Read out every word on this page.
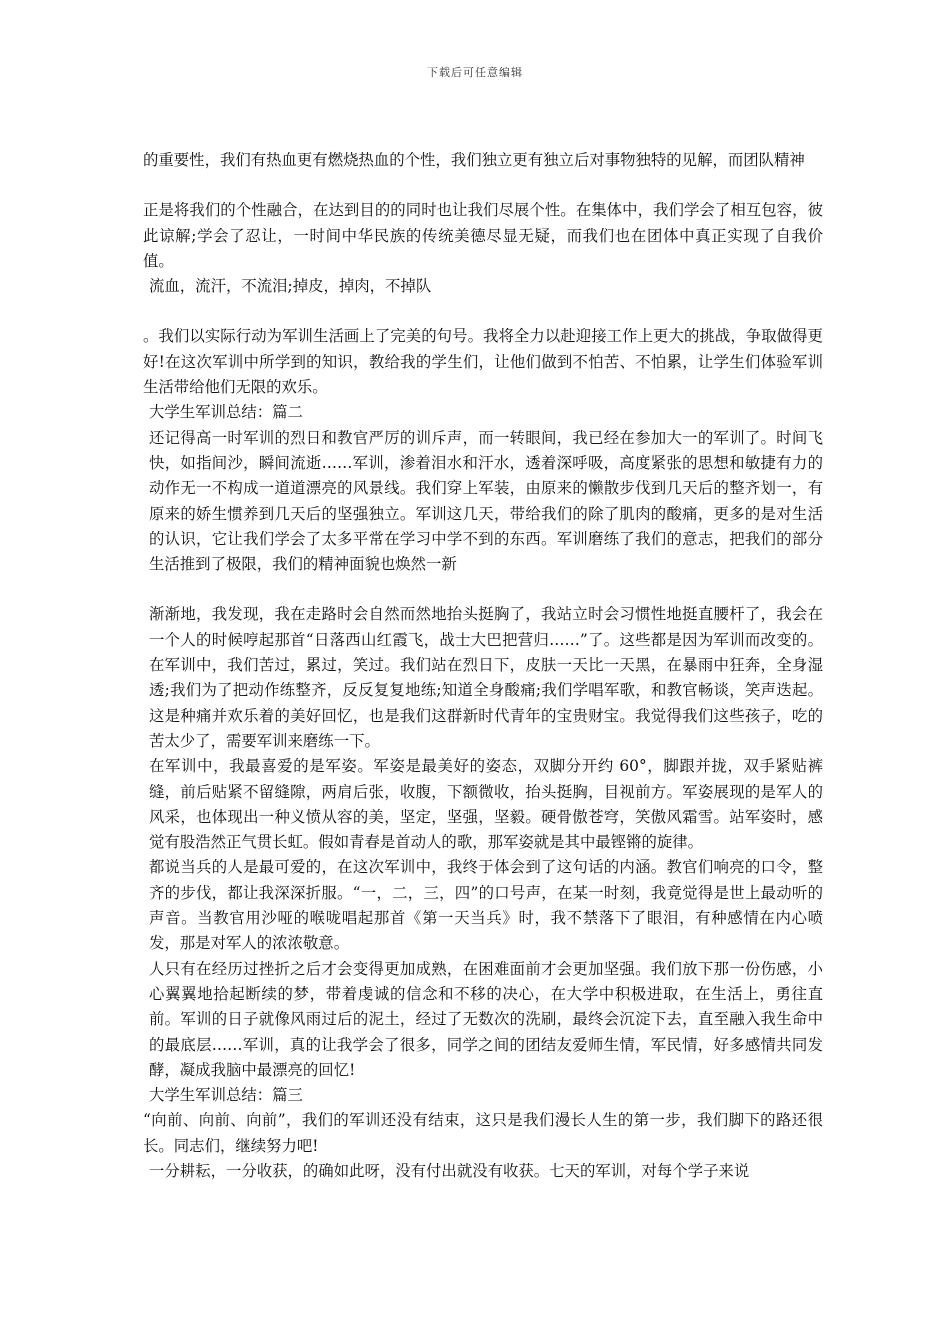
下载后可任意编辑

的重要性，我们有热血更有燃烧热血的个性，我们独立更有独立后对事物独特的见解，而团队精神

正是将我们的个性融合，在达到目的的同时也让我们尽展个性。在集体中，我们学会了相互包容，彼此谅解;学会了忍让，一时间中华民族的传统美德尽显无疑，而我们也在团体中真正实现了自我价值。

流血，流汗，不流泪;掉皮，掉肉，不掉队

。我们以实际行动为军训生活画上了完美的句号。我将全力以赴迎接工作上更大的挑战，争取做得更好!在这次军训中所学到的知识，教给我的学生们，让他们做到不怕苦、不怕累，让学生们体验军训生活带给他们无限的欢乐。

大学生军训总结：篇二

还记得高一时军训的烈日和教官严厉的训斥声，而一转眼间，我已经在参加大一的军训了。时间飞快，如指间沙，瞬间流逝……军训，渗着泪水和汗水，透着深呼吸，高度紧张的思想和敏捷有力的动作无一不构成一道道漂亮的风景线。我们穿上军装，由原来的懒散步伐到几天后的整齐划一，有原来的娇生惯养到几天后的坚强独立。军训这几天，带给我们的除了肌肉的酸痛，更多的是对生活的认识，它让我们学会了太多平常在学习中学不到的东西。军训磨练了我们的意志，把我们的部分生活推到了极限，我们的精神面貌也焕然一新

渐渐地，我发现，我在走路时会自然而然地抬头挺胸了，我站立时会习惯性地挺直腰杆了，我会在一个人的时候哼起那首“日落西山红霞飞，战士大巴把营归……”了。这些都是因为军训而改变的。在军训中，我们苦过，累过，笑过。我们站在烈日下，皮肤一天比一天黑，在暴雨中狂奔，全身湿透;我们为了把动作练整齐，反反复复地练;知道全身酸痛;我们学唱军歌，和教官畅谈，笑声迭起。这是种痛并欢乐着的美好回忆，也是我们这群新时代青年的宝贵财宝。我觉得我们这些孩子，吃的苦太少了，需要军训来磨练一下。

在军训中，我最喜爱的是军姿。军姿是最美好的姿态，双脚分开约 60°，脚跟并拢，双手紧贴裤缝，前后贴紧不留缝隙，两肩后张，收腹，下额微收，抬头挺胸，目视前方。军姿展现的是军人的风采，也体现出一种义愤从容的美，坚定，坚强，坚毅。硬骨傲苍穹，笑傲风霜雪。站军姿时，感觉有股浩然正气贯长虹。假如青春是首动人的歌，那军姿就是其中最铿锵的旋律。

都说当兵的人是最可爱的，在这次军训中，我终于体会到了这句话的内涵。教官们响亮的口令，整齐的步伐，都让我深深折服。“一，二，三，四”的口号声，在某一时刻，我竟觉得是世上最动听的声音。当教官用沙哑的喉咙唱起那首《第一天当兵》时，我不禁落下了眼泪，有种感情在内心喷发，那是对军人的浓浓敬意。

人只有在经历过挫折之后才会变得更加成熟，在困难面前才会更加坚强。我们放下那一份伤感，小心翼翼地拾起断续的梦，带着虔诚的信念和不移的决心，在大学中积极进取，在生活上，勇往直前。军训的日子就像风雨过后的泥土，经过了无数次的洗刷，最终会沉淀下去，直至融入我生命中的最底层……军训，真的让我学会了很多，同学之间的团结友爱师生情，军民情，好多感情共同发酵，凝成我脑中最漂亮的回忆!

大学生军训总结：篇三

“向前、向前、向前”，我们的军训还没有结束，这只是我们漫长人生的第一步，我们脚下的路还很长。同志们，继续努力吧!

一分耕耘，一分收获，的确如此呀，没有付出就没有收获。七天的军训，对每个学子来说
